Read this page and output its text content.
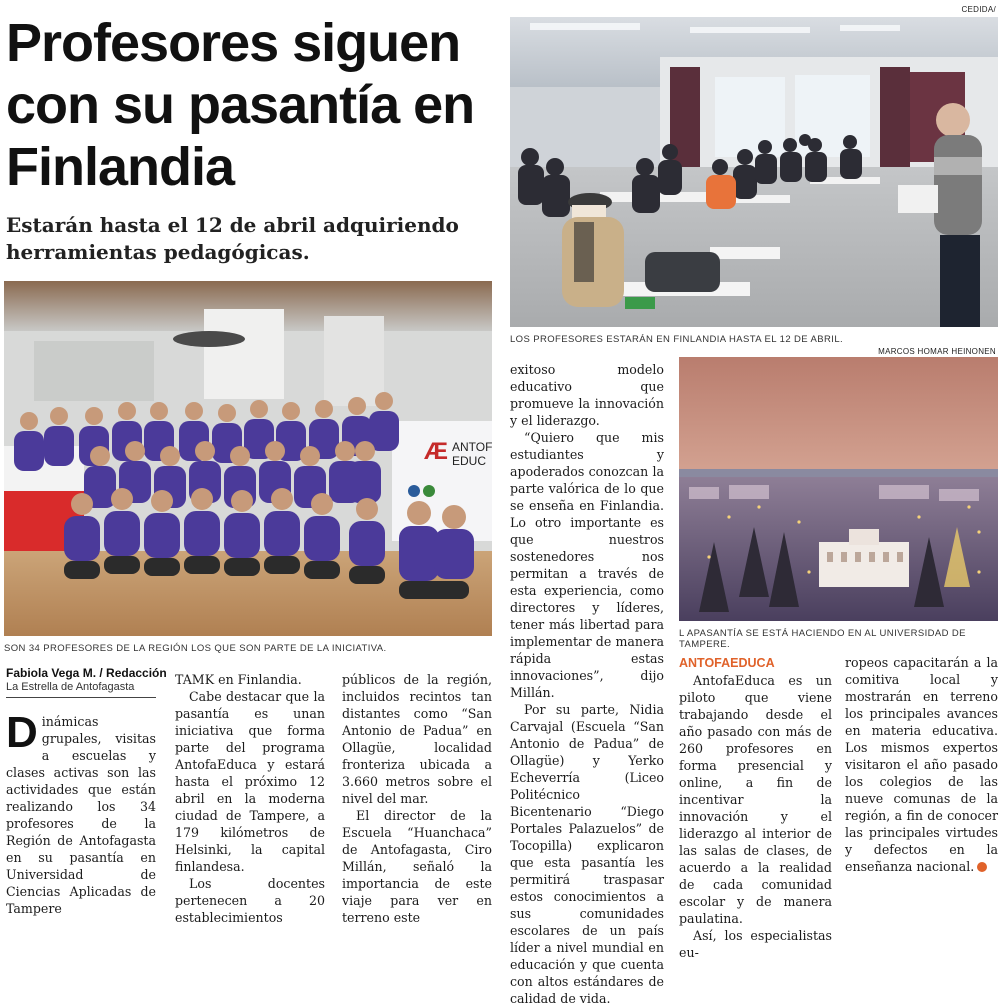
Profesores siguen con su pasantía en Finlandia

Estarán hasta el 12 de abril adquiriendo herramientas pedagógicas.

CEDIDA/
LOS PROFESORES ESTARÁN EN FINLANDIA HASTA EL 12 DE ABRIL.
Æ ANTOF
EDUC
SON 34 PROFESORES DE LA REGIÓN LOS QUE SON PARTE DE LA INICIATIVA.
MARCOS HOMAR HEINONEN
L APASANTÍA SE ESTÁ HACIENDO EN AL UNIVERSIDAD DE TAMPERE.
Fabiola Vega M. / Redacción
La Estrella de Antofagasta

Dinámicas grupales, visitas a escuelas y clases activas son las actividades que están realizando los 34 profesores de la Región de Antofagasta en su pasantía en Universidad de Ciencias Aplicadas de Tampere

TAMK en Finlandia.

Cabe destacar que la pasantía es unan iniciativa que forma parte del programa AntofaEduca y estará hasta el próximo 12 abril en la moderna ciudad de Tampere, a 179 kilómetros de Helsinki, la capital finlandesa.

Los docentes pertenecen a 20 establecimientos

públicos de la región, incluidos recintos tan distantes como “San Antonio de Padua” en Ollagüe, localidad fronteriza ubicada a 3.660 metros sobre el nivel del mar.

El director de la Escuela “Huanchaca” de Antofagasta, Ciro Millán, señaló la importancia de este viaje para ver en terreno este

exitoso modelo educativo que promueve la innovación y el liderazgo.

“Quiero que mis estudiantes y apoderados conozcan la parte valórica de lo que se enseña en Finlandia. Lo otro importante es que nuestros sostenedores nos permitan a través de esta experiencia, como directores y líderes, tener más libertad para implementar de manera rápida estas innovaciones”, dijo Millán.

Por su parte, Nidia Carvajal (Escuela “San Antonio de Padua” de Ollagüe) y Yerko Echeverría (Liceo Politécnico Bicentenario “Diego Portales Palazuelos” de Tocopilla) explicaron que esta pasantía les permitirá traspasar estos conocimientos a sus comunidades escolares de un país líder a nivel mundial en educación y que cuenta con altos estándares de calidad de vida.

ANTOFAEDUCA

AntofaEduca es un piloto que viene trabajando desde el año pasado con más de 260 profesores en forma presencial y online, a fin de incentivar la innovación y el liderazgo al interior de las salas de clases, de acuerdo a la realidad de cada comunidad escolar y de manera paulatina.

Así, los especialistas eu-

ropeos capacitarán a la comitiva local y mostrarán en terreno los principales avances en materia educativa. Los mismos expertos visitaron el año pasado los colegios de las nueve comunas de la región, a fin de conocer las principales virtudes y defectos en la enseñanza nacional.
